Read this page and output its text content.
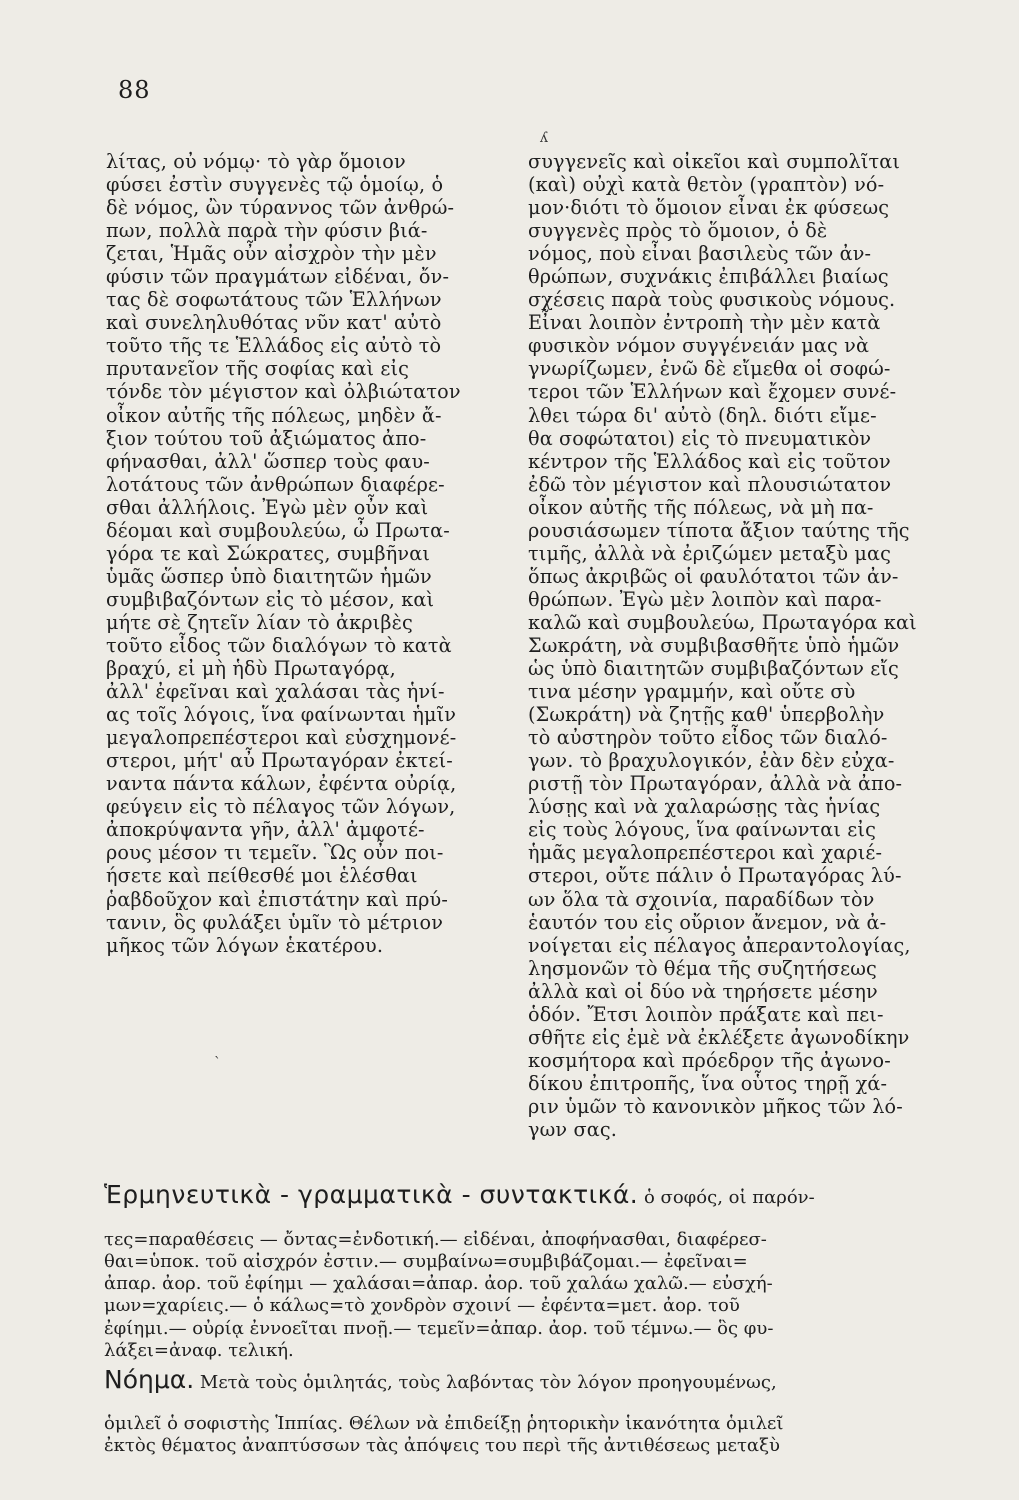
88
λίτας, οὐ νόμῳ· τὸ γὰρ ὅμοιον
φύσει ἐστὶν συγγενὲς τῷ ὁμοίῳ, ὁ
δὲ νόμος, ὢν τύραννος τῶν ἀνθρώ-
πων, πολλὰ παρὰ τὴν φύσιν βιά-
ζεται, Ἡμᾶς οὖν αἰσχρὸν τὴν μὲν
φύσιν τῶν πραγμάτων εἰδέναι, ὄν-
τας δὲ σοφωτάτους τῶν Ἑλλήνων
καὶ συνεληλυθότας νῦν κατ' αὐτὸ
τοῦτο τῆς τε Ἑλλάδος εἰς αὐτὸ τὸ
πρυτανεῖον τῆς σοφίας καὶ εἰς
τόνδε τὸν μέγιστον καὶ ὀλβιώτατον
οἶκον αὐτῆς τῆς πόλεως, μηδὲν ἄ-
ξιον τούτου τοῦ ἀξιώματος ἀπο-
φήνασθαι, ἀλλ' ὥσπερ τοὺς φαυ-
λοτάτους τῶν ἀνθρώπων διαφέρε-
σθαι ἀλλήλοις. Ἐγὼ μὲν οὖν καὶ
δέομαι καὶ συμβουλεύω, ὦ Πρωτα-
γόρα τε καὶ Σώκρατες, συμβῆναι
ὑμᾶς ὥσπερ ὑπὸ διαιτητῶν ἡμῶν
συμβιβαζόντων εἰς τὸ μέσον, καὶ
μήτε σὲ ζητεῖν λίαν τὸ ἀκριβὲς
τοῦτο εἶδος τῶν διαλόγων τὸ κατὰ
βραχύ, εἰ μὴ ἡδὺ Πρωταγόρᾳ,
ἀλλ' ἐφεῖναι καὶ χαλάσαι τὰς ἡνί-
ας τοῖς λόγοις, ἵνα φαίνωνται ἡμῖν
μεγαλοπρεπέστεροι καὶ εὐσχημονέ-
στεροι, μήτ' αὖ Πρωταγόραν ἐκτεί-
ναντα πάντα κάλων, ἐφέντα οὐρίᾳ,
φεύγειν εἰς τὸ πέλαγος τῶν λόγων,
ἀποκρύψαντα γῆν, ἀλλ' ἀμφοτέ-
ρους μέσον τι τεμεῖν. Ὣς οὖν ποι-
ήσετε καὶ πείθεσθέ μοι ἑλέσθαι
ῥαβδοῦχον καὶ ἐπιστάτην καὶ πρύ-
τανιν, ὃς φυλάξει ὑμῖν τὸ μέτριον
μῆκος τῶν λόγων ἑκατέρου.
συγγενεῖς καὶ οἰκεῖοι καὶ συμπολῖται
(καὶ) οὐχὶ κατὰ θετὸν (γραπτὸν) νό-
μον·διότι τὸ ὅμοιον εἶναι ἐκ φύσεως
συγγενὲς πρὸς τὸ ὅμοιον, ὁ δὲ
νόμος, ποὺ εἶναι βασιλεὺς τῶν ἀν-
θρώπων, συχνάκις ἐπιβάλλει βιαίως
σχέσεις παρὰ τοὺς φυσικοὺς νόμους.
Εἶναι λοιπὸν ἐντροπὴ τὴν μὲν κατὰ
φυσικὸν νόμον συγγένειάν μας νὰ
γνωρίζωμεν, ἐνῶ δὲ εἴμεθα οἱ σοφώ-
τεροι τῶν Ἑλλήνων καὶ ἔχομεν συνέ-
λθει τώρα δι' αὐτὸ (δηλ. διότι εἴμε-
θα σοφώτατοι) εἰς τὸ πνευματικὸν
κέντρον τῆς Ἑλλάδος καὶ εἰς τοῦτον
ἐδῶ τὸν μέγιστον καὶ πλουσιώτατον
οἶκον αὐτῆς τῆς πόλεως, νὰ μὴ πα-
ρουσιάσωμεν τίποτα ἄξιον ταύτης τῆς
τιμῆς, ἀλλὰ νὰ ἐριζώμεν μεταξὺ μας
ὅπως ἀκριβῶς οἱ φαυλότατοι τῶν ἀν-
θρώπων. Ἐγὼ μὲν λοιπὸν καὶ παρα-
καλῶ καὶ συμβουλεύω, Πρωταγόρα καὶ
Σωκράτη, νὰ συμβιβασθῆτε ὑπὸ ἡμῶν
ὡς ὑπὸ διαιτητῶν συμβιβαζόντων εἴς
τινα μέσην γραμμήν, καὶ οὔτε σὺ
(Σωκράτη) νὰ ζητῇς καθ' ὑπερβολὴν
τὸ αὐστηρὸν τοῦτο εἶδος τῶν διαλό-
γων. τὸ βραχυλογικόν, ἐὰν δὲν εὐχα-
ριστῇ τὸν Πρωταγόραν, ἀλλὰ νὰ ἀπο-
λύσῃς καὶ νὰ χαλαρώσῃς τὰς ἡνίας
εἰς τοὺς λόγους, ἵνα φαίνωνται εἰς
ἡμᾶς μεγαλοπρεπέστεροι καὶ χαριέ-
στεροι, οὔτε πάλιν ὁ Πρωταγόρας λύ-
ων ὅλα τὰ σχοινία, παραδίδων τὸν
ἑαυτόν του εἰς οὔριον ἄνεμον, νὰ ἀ-
νοίγεται εἰς πέλαγος ἀπεραντολογίας,
λησμονῶν τὸ θέμα τῆς συζητήσεως
ἀλλὰ καὶ οἱ δύο νὰ τηρήσετε μέσην
ὁδόν. Ἔτσι λοιπὸν πράξατε καὶ πει-
σθῆτε εἰς ἐμὲ νὰ ἐκλέξετε ἀγωνοδίκην
κοσμήτορα καὶ πρόεδρον τῆς ἀγωνο-
δίκου ἐπιτροπῆς, ἵνα οὗτος τηρῇ χά-
ριν ὑμῶν τὸ κανονικὸν μῆκος τῶν λό-
γων σας.

Ἑρμηνευτικὰ - γραμματικὰ - συντακτικά. ὁ σοφός, οἱ παρόν-

τες=παραθέσεις — ὄντας=ἐνδοτική.— εἰδέναι, ἀποφήνασθαι, διαφέρεσ-
θαι=ὑποκ. τοῦ αἰσχρόν ἐστιν.— συμβαίνω=συμβιβάζομαι.— ἐφεῖναι=
ἀπαρ. ἀορ. τοῦ ἐφίημι — χαλάσαι=ἀπαρ. ἀορ. τοῦ χαλάω χαλῶ.— εὐσχή-
μων=χαρίεις.— ὁ κάλως=τὸ χονδρὸν σχοινί — ἐφέντα=μετ. ἀορ. τοῦ
ἐφίημι.— οὐρίᾳ ἐννοεῖται πνοῇ.— τεμεῖν=ἀπαρ. ἀορ. τοῦ τέμνω.— ὃς φυ-
λάξει=ἀναφ. τελική.

Νόημα. Μετὰ τοὺς ὁμιλητάς, τοὺς λαβόντας τὸν λόγον προηγουμένως,

ὁμιλεῖ ὁ σοφιστὴς Ἱππίας. Θέλων νὰ ἐπιδείξῃ ῥητορικὴν ἱκανότητα ὁμιλεῖ
ἐκτὸς θέματος ἀναπτύσσων τὰς ἀπόψεις του περὶ τῆς ἀντιθέσεως μεταξὺ
ʎ
ˋ
